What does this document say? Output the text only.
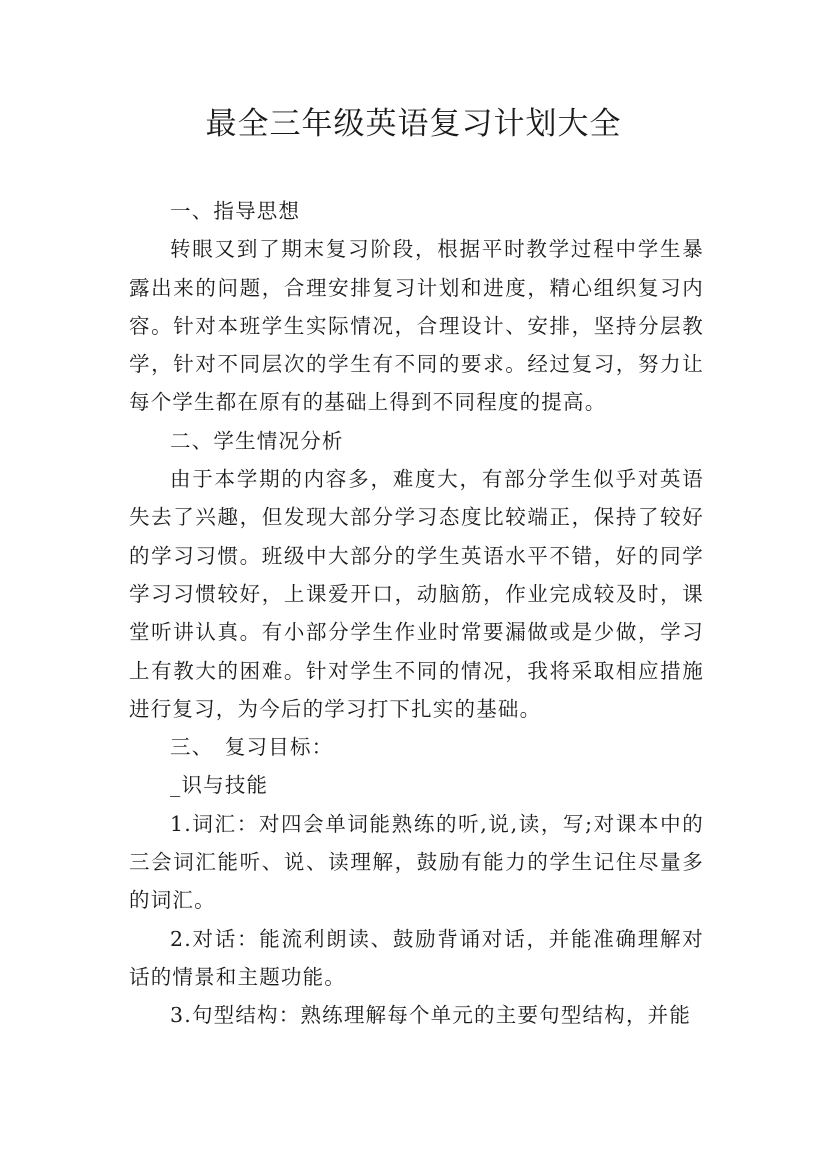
最全三年级英语复习计划大全

一、指导思想

转眼又到了期末复习阶段，根据平时教学过程中学生暴露出来的问题，合理安排复习计划和进度，精心组织复习内容。针对本班学生实际情况，合理设计、安排，坚持分层教学，针对不同层次的学生有不同的要求。经过复习，努力让每个学生都在原有的基础上得到不同程度的提高。

二、学生情况分析

由于本学期的内容多，难度大，有部分学生似乎对英语失去了兴趣，但发现大部分学习态度比较端正，保持了较好的学习习惯。班级中大部分的学生英语水平不错，好的同学学习习惯较好，上课爱开口，动脑筋，作业完成较及时，课堂听讲认真。有小部分学生作业时常要漏做或是少做，学习上有教大的困难。针对学生不同的情况，我将采取相应措施进行复习，为今后的学习打下扎实的基础。

三、　复习目标：

_识与技能

1.词汇：对四会单词能熟练的听,说,读，写;对课本中的三会词汇能听、说、读理解，鼓励有能力的学生记住尽量多的词汇。

2.对话：能流利朗读、鼓励背诵对话，并能准确理解对话的情景和主题功能。

3.句型结构：熟练理解每个单元的主要句型结构，并能
